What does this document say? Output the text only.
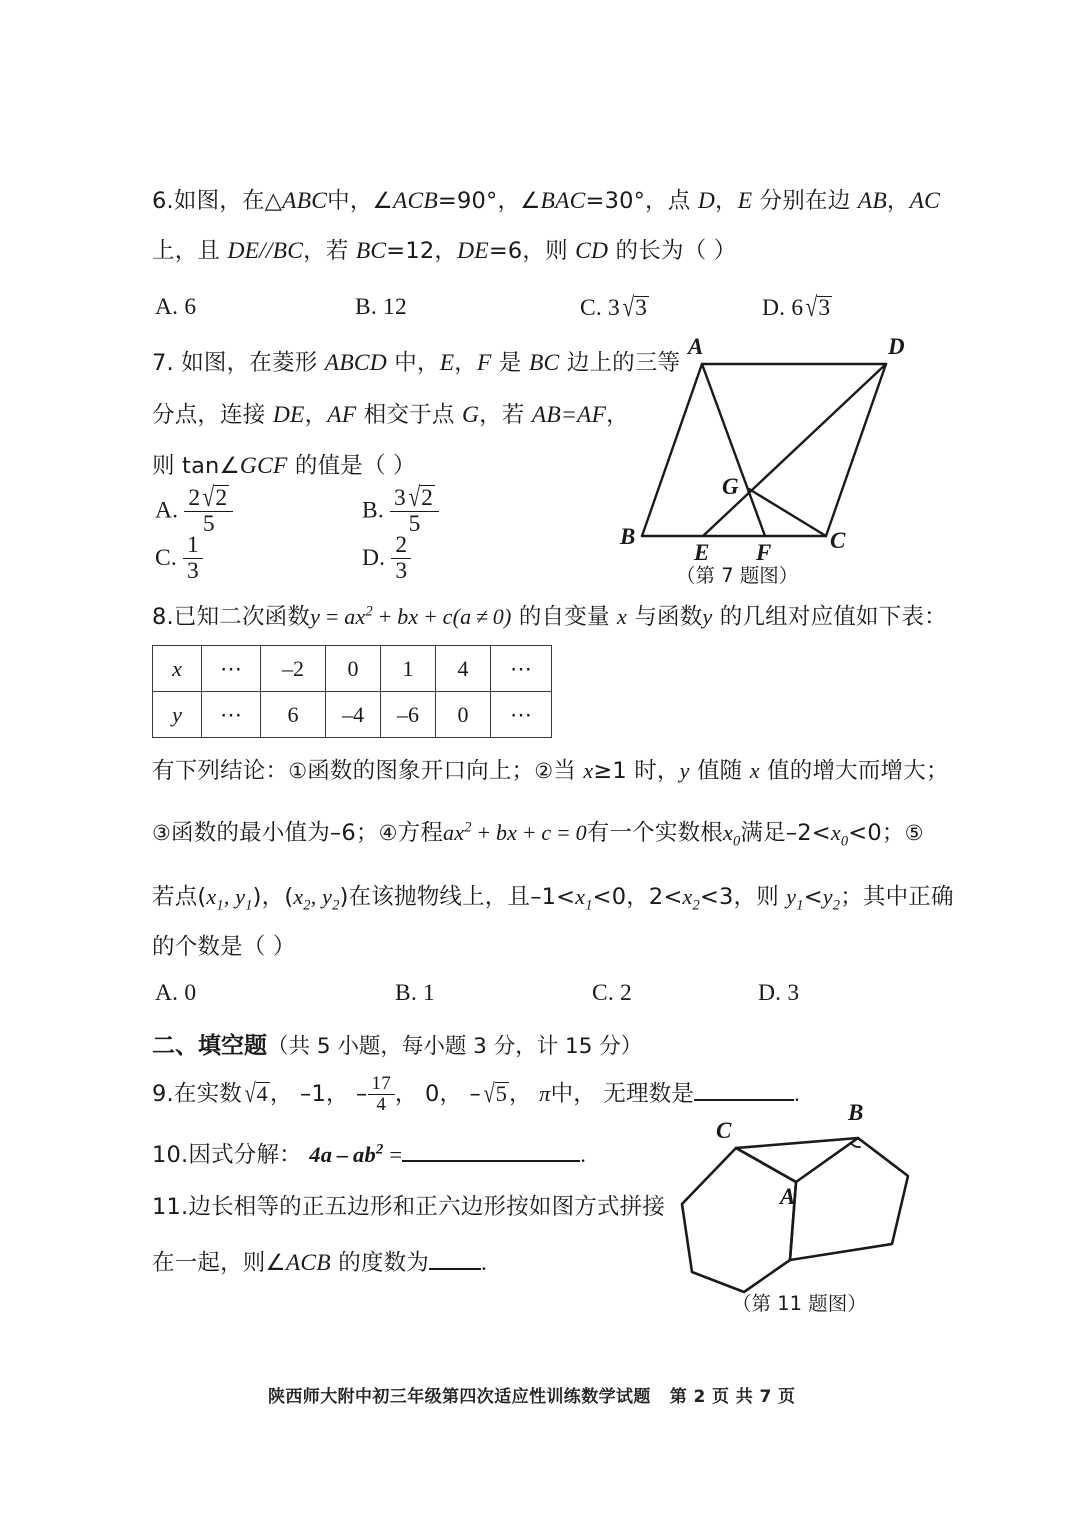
6.如图，在△ABC中，∠ACB=90°，∠BAC=30°，点 D，E 分别在边 AB，AC
上，且 DE//BC，若 BC=12，DE=6，则 CD 的长为（ ）
A. 6	B. 12	C. 3 √3	D. 6 √3
7. 如图，在菱形 ABCD 中，E，F 是 BC 边上的三等
分点，连接 DE，AF 相交于点 G，若 AB=AF，
则 tan∠GCF 的值是（ ）
A. $\frac{2 √2}{5}$	B. $\frac{3 √2}{5}$
C. $\frac{1}{3}$	D. $\frac{2}{3}$
A	D
B	C
E F
G
（第 7 题图）
8.已知二次函数$y = ax^2$ + bx + c(a ≠ 0) 的自变量 x 与函数y 的几组对应值如下表：
x	⋯	–2	0	1	4	⋯
y	⋯	6	–4	–6	0	⋯
有下列结论：①函数的图象开口向上；②当 x≥1 时，y 值随 x 值的增大而增大；
③函数的最小值为–6；④方程$ax^2$ + bx + c = 0有一个实数根$x_0$满足$-2<x_0<0$；⑤
若点($x_1$, $y_1$)，($x_2$, $y_2$)在该抛物线上，且$-1<x_1<0$，$2<x_2<3$，则 $y_1<y_2$；其中正确
的个数是（ ）
A. 0	B. 1	C. 2	D. 3
二、填空题（共 5 小题，每小题 3 分，计 15 分）
9.在实数 √4， –1， – $\frac{17}{4}$ ， 0， – √5， π中， 无理数是	.
10.因式分解： $4a - ab^2$ =	.
11.边长相等的正五边形和正六边形按如图方式拼接
在一起，则∠ACB 的度数为 .
C
B
A
（第 11 题图）
陕西师大附中初三年级第四次适应性训练数学试题 第 2 页 共 7 页
